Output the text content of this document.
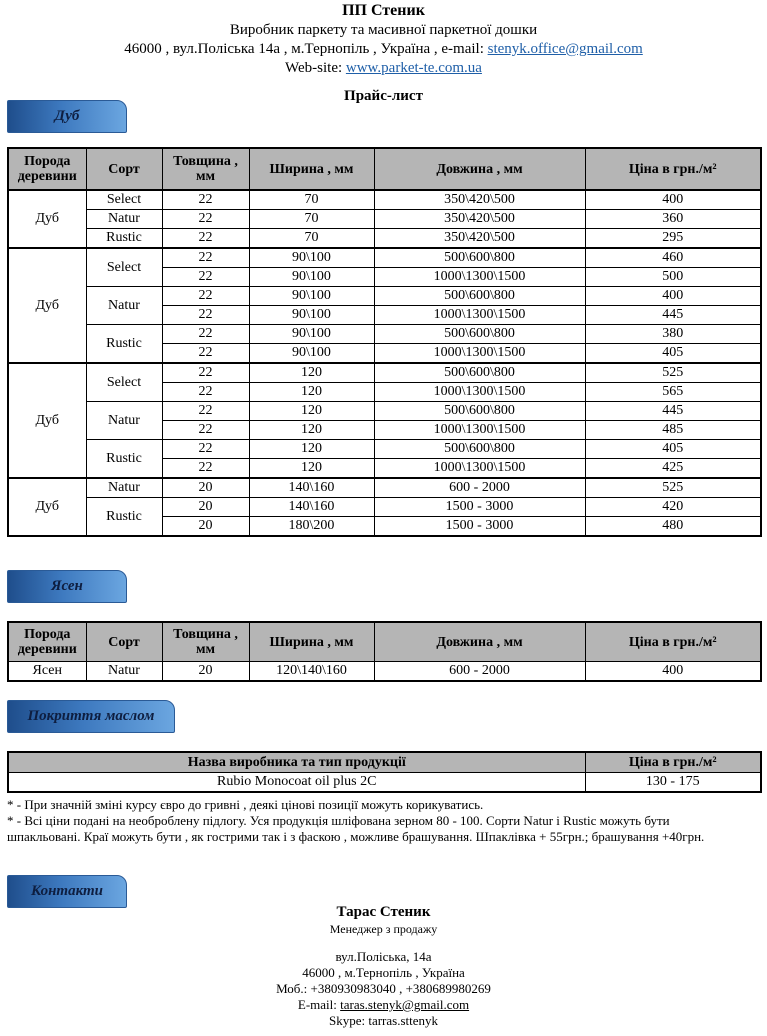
ПП Стеник
Виробник паркету та масивної паркетної дошки
46000 , вул.Поліська 14а , м.Тернопіль , Україна , e-mail: stenyk.office@gmail.com
Web-site: www.parket-te.com.ua
Прайс-лист
Дуб
Порода деревини	Сорт	Товщина , мм	Ширина , мм	Довжина , мм	Ціна в грн./м²
Дуб	Select	22	70	350\420\500	400
	Natur	22	70	350\420\500	360
	Rustic	22	70	350\420\500	295
Дуб	Select	22	90\100	500\600\800	460
		22	90\100	1000\1300\1500	500
	Natur	22	90\100	500\600\800	400
		22	90\100	1000\1300\1500	445
	Rustic	22	90\100	500\600\800	380
		22	90\100	1000\1300\1500	405
Дуб	Select	22	120	500\600\800	525
		22	120	1000\1300\1500	565
	Natur	22	120	500\600\800	445
		22	120	1000\1300\1500	485
	Rustic	22	120	500\600\800	405
		22	120	1000\1300\1500	425
Дуб	Natur	20	140\160	600 - 2000	525
	Rustic	20	140\160	1500 - 3000	420
		20	180\200	1500 - 3000	480
Ясен
Порода деревини	Сорт	Товщина , мм	Ширина , мм	Довжина , мм	Ціна в грн./м²
Ясен	Natur	20	120\140\160	600 - 2000	400
Покриття маслом
Назва виробника та тип продукції	Ціна в грн./м²
Rubio Monocoat oil plus 2C	130 - 175
* - При значній зміні курсу євро до гривні , деякі цінові позиції можуть корикуватись.
* - Всі ціни подані на необроблену підлогу. Уся продукція шліфована зерном 80 - 100. Сорти Natur і Rustic можуть бути шпакльовані. Краї можуть бути , як гострими так і з фаскою , можливе брашування. Шпаклівка + 55грн.; брашування +40грн.
Контакти
Тарас Стеник
Менеджер з продажу
вул.Поліська, 14а
46000 , м.Тернопіль , Україна
Моб.: +380930983040 , +380689980269
E-mail: taras.stenyk@gmail.com
Skype: tarras.sttenyk
